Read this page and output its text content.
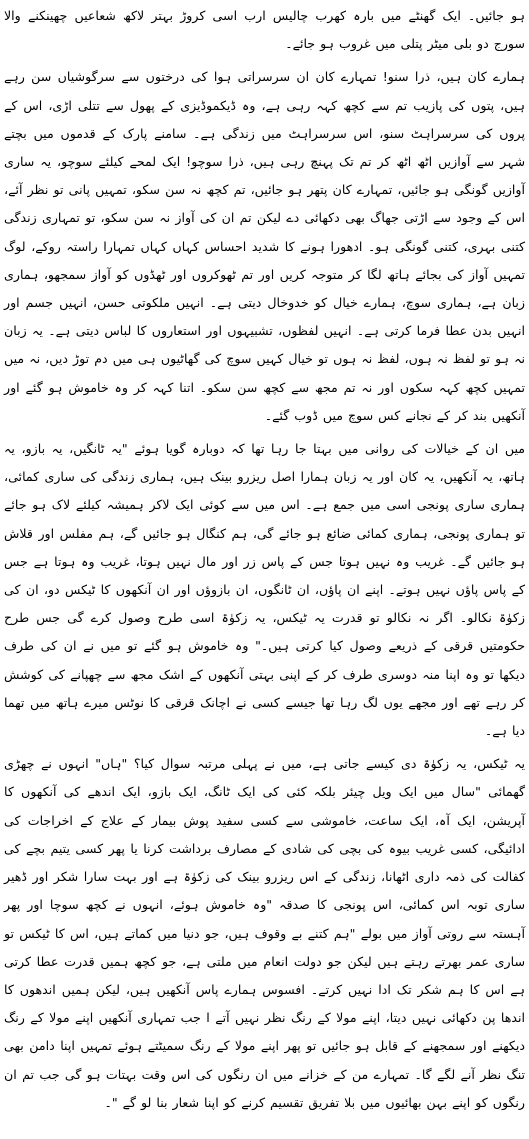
ہو جائیں۔ ایک گھنٹے میں بارہ کھرب چالیس ارب اسی کروڑ بہتر لاکھ شعاعیں چھینکنے والا سورج دو بلی میٹر پتلی میں غروب ہو جائے۔

ہمارے کان ہیں، ذرا سنو! تمہارے کان ان سرسراتی ہوا کی درختوں سے سرگوشیاں سن رہے ہیں، پتوں کی پازیب تم سے کچھ کہہ رہی ہے، وہ ڈیکموڈیزی کے پھول سے تتلی اڑی، اس کے پروں کی سرسراہٹ سنو، اس سرسراہٹ میں زندگی ہے۔ سامنے پارک کے قدموں میں بچتے شہر سے آوازیں اٹھ اٹھ کر تم تک پہنچ رہی ہیں، ذرا سوچو! ایک لمحے کیلئے سوچو، یہ ساری آوازیں گونگی ہو جائیں، تمہارے کان پتھر ہو جائیں، تم کچھ نہ سن سکو، تمہیں پانی تو نظر آئے، اس کے وجود سے اڑتی جھاگ بھی دکھائی دے لیکن تم ان کی آواز نہ سن سکو، تو تمہاری زندگی کتنی بہری، کتنی گونگی ہو۔ ادھورا ہونے کا شدید احساس کہاں کہاں تمہارا راستہ روکے، لوگ تمہیں آواز کی بجائے ہاتھ لگا کر متوجہ کریں اور تم ٹھوکروں اور ٹھڈوں کو آواز سمجھو، ہماری زبان ہے، ہماری سوچ، ہمارے خیال کو خدوخال دیتی ہے۔ انہیں ملکوتی حسن، انہیں جسم اور انہیں بدن عطا فرما کرتی ہے۔ انہیں لفظوں، تشبیہوں اور استعاروں کا لباس دیتی ہے۔ یہ زبان نہ ہو تو لفظ نہ ہوں، لفظ نہ ہوں تو خیال کہیں سوچ کی گھاٹیوں ہی میں دم توڑ دیں، نہ میں تمہیں کچھ کہہ سکوں اور نہ تم مجھ سے کچھ سن سکو۔ اتنا کہہ کر وہ خاموش ہو گئے اور آنکھیں بند کر کے نجانے کس سوچ میں ڈوب گئے۔

میں ان کے خیالات کی روانی میں بہتا جا رہا تھا کہ دوبارہ گویا ہوئے "یہ ٹانگیں، یہ بازو، یہ ہاتھ، یہ آنکھیں، یہ کان اور یہ زبان ہمارا اصل ریزرو بینک ہیں، ہماری زندگی کی ساری کمائی، ہماری ساری پونجی اسی میں جمع ہے۔ اس میں سے کوئی ایک لاکر ہمیشہ کیلئے لاک ہو جائے تو ہماری پونجی، ہماری کمائی ضائع ہو جائے گی، ہم کنگال ہو جائیں گے، ہم مفلس اور قلاش ہو جائیں گے۔ غریب وہ نہیں ہوتا جس کے پاس زر اور مال نہیں ہوتا، غریب وہ ہوتا ہے جس کے پاس پاؤں نہیں ہوتے۔ اپنے ان پاؤں، ان ٹانگوں، ان بازوؤں اور ان آنکھوں کا ٹیکس دو، ان کی زکوٰۃ نکالو۔ اگر نہ نکالو تو قدرت یہ ٹیکس، یہ زکوٰۃ اسی طرح وصول کرے گی جس طرح حکومتیں قرقی کے ذریعے وصول کیا کرتی ہیں۔" وہ خاموش ہو گئے تو میں نے ان کی طرف دیکھا تو وہ اپنا منہ دوسری طرف کر کے اپنی بہتی آنکھوں کے اشک مجھ سے چھپانے کی کوشش کر رہے تھے اور مجھے یوں لگ رہا تھا جیسے کسی نے اچانک قرقی کا نوٹس میرے ہاتھ میں تھما دیا ہے۔

یہ ٹیکس، یہ زکوٰۃ دی کیسے جاتی ہے، میں نے پہلی مرتبہ سوال کیا؟ "ہاں" انہوں نے چھڑی گھمائی "سال میں ایک ویل چیئر بلکہ کئی کی ایک ٹانگ، ایک بازو، ایک اندھے کی آنکھوں کا آپریشن، ایک آہ، ایک ساعت، خاموشی سے کسی سفید پوش بیمار کے علاج کے اخراجات کی ادائیگی، کسی غریب بیوہ کی بچی کی شادی کے مصارف برداشت کرنا یا پھر کسی یتیم بچے کی کفالت کی ذمہ داری اٹھانا، زندگی کے اس ریزرو بینک کی زکوٰۃ ہے اور بہت سارا شکر اور ڈھیر ساری توبہ اس کمائی، اس پونجی کا صدقہ "وہ خاموش ہوئے، انہوں نے کچھ سوچا اور پھر آہستہ سے روتی آواز میں بولے "ہم کتنے بے وقوف ہیں، جو دنیا میں کماتے ہیں، اس کا ٹیکس تو ساری عمر بھرتے رہتے ہیں لیکن جو دولت انعام میں ملتی ہے، جو کچھ ہمیں قدرت عطا کرتی ہے اس کا ہم شکر تک ادا نہیں کرتے۔ افسوس ہمارے پاس آنکھیں ہیں، لیکن ہمیں اندھوں کا اندھا پن دکھائی نہیں دیتا، اپنے مولا کے رنگ نظر نہیں آتے ا جب تمہاری آنکھیں اپنے مولا کے رنگ دیکھنے اور سمجھنے کے قابل ہو جائیں تو پھر اپنے مولا کے رنگ سمیٹتے ہوئے تمہیں اپنا دامن بھی تنگ نظر آنے لگے گا۔ تمہارے من کے خزانے میں ان رنگوں کی اس وقت بہتات ہو گی جب تم ان رنگوں کو اپنے بہن بھائیوں میں بلا تفریق تقسیم کرنے کو اپنا شعار بنا لو گے "۔
